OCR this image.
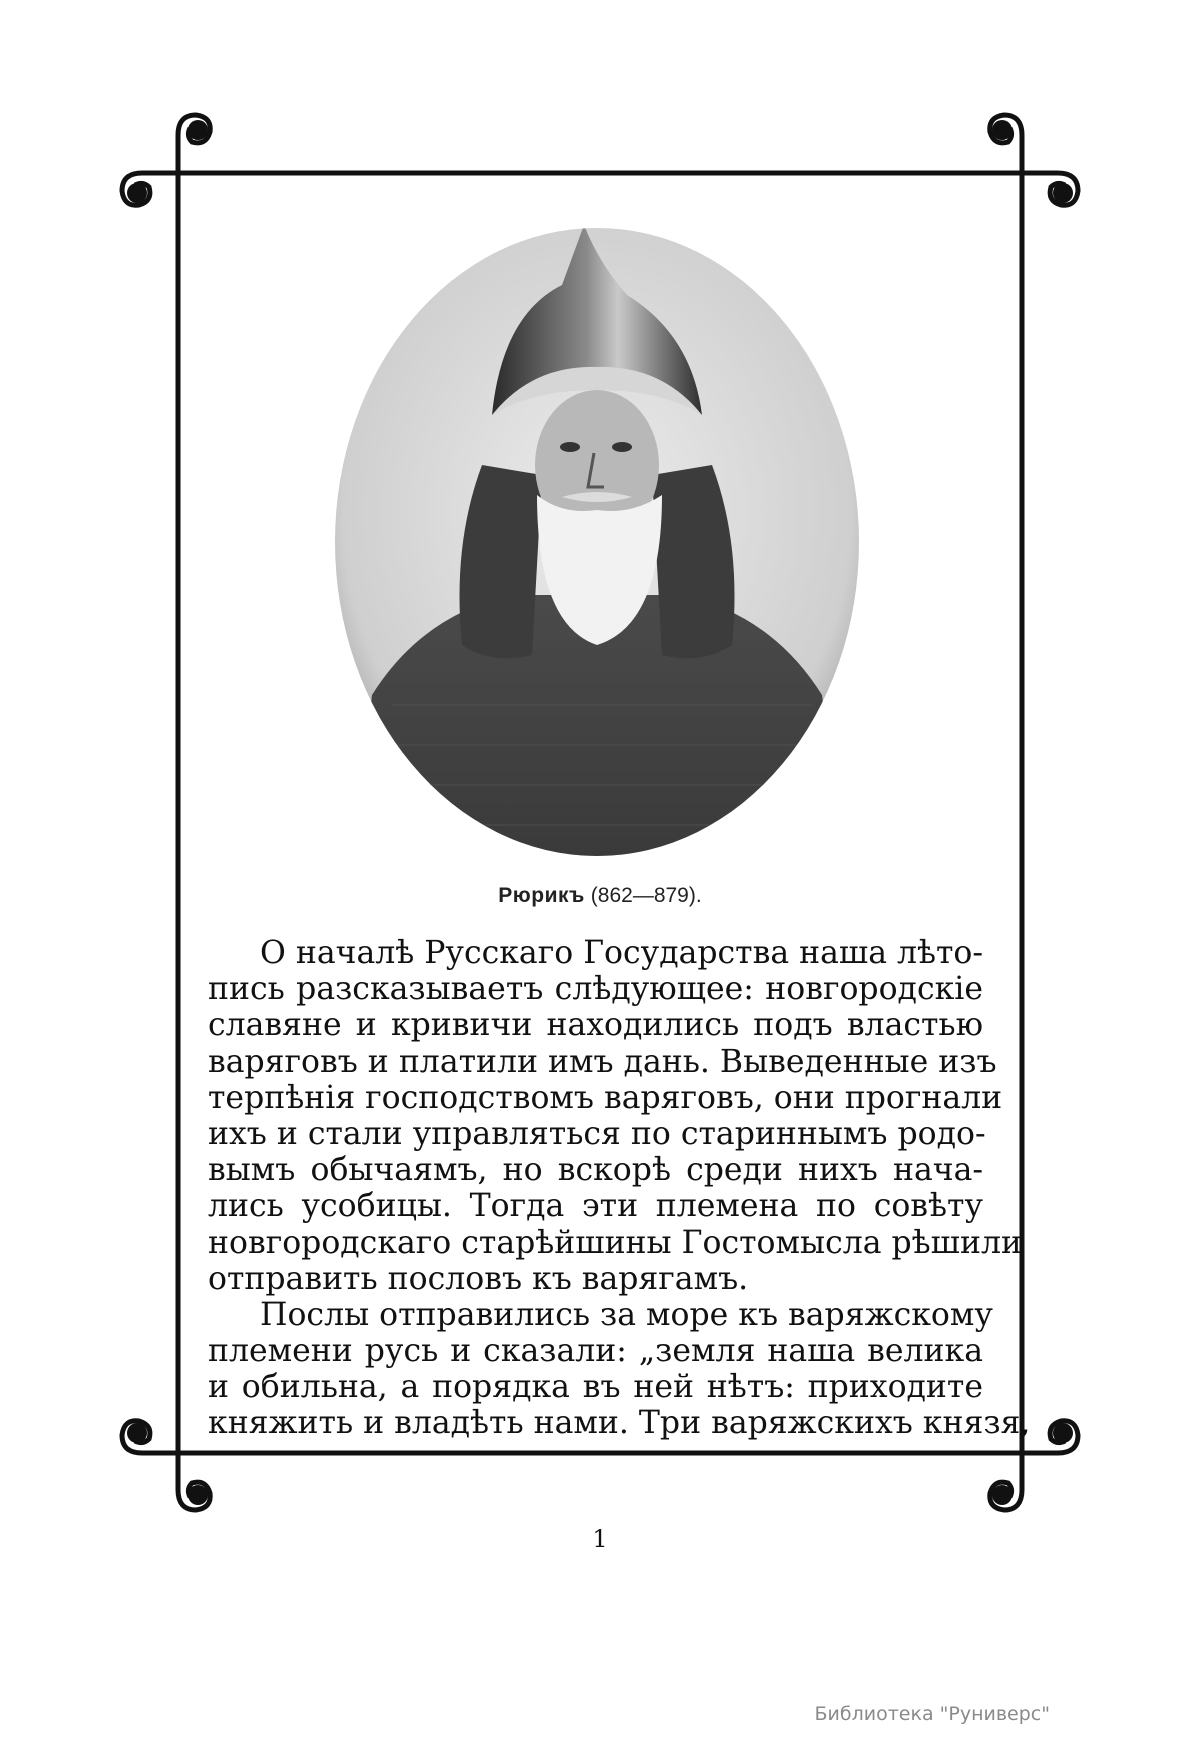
Рюрикъ (862—879).
О началѣ Русскаго Государства наша лѣто-
пись разсказываетъ слѣдующее: новгородскіе
славяне и кривичи находились подъ властью
варяговъ и платили имъ дань. Выведенные изъ
терпѣнія господствомъ варяговъ, они прогнали
ихъ и стали управляться по стариннымъ родо-
вымъ обычаямъ, но вскорѣ среди нихъ нача-
лись усобицы. Тогда эти племена по совѣту
новгородскаго старѣйшины Гостомысла рѣшили
отправить пословъ къ варягамъ.
Послы отправились за море къ варяжскому
племени русь и сказали: „земля наша велика
и обильна, а порядка въ ней нѣтъ: приходите
княжить и владѣть нами. Три варяжскихъ князя,
1
Библиотека "Руниверс"
